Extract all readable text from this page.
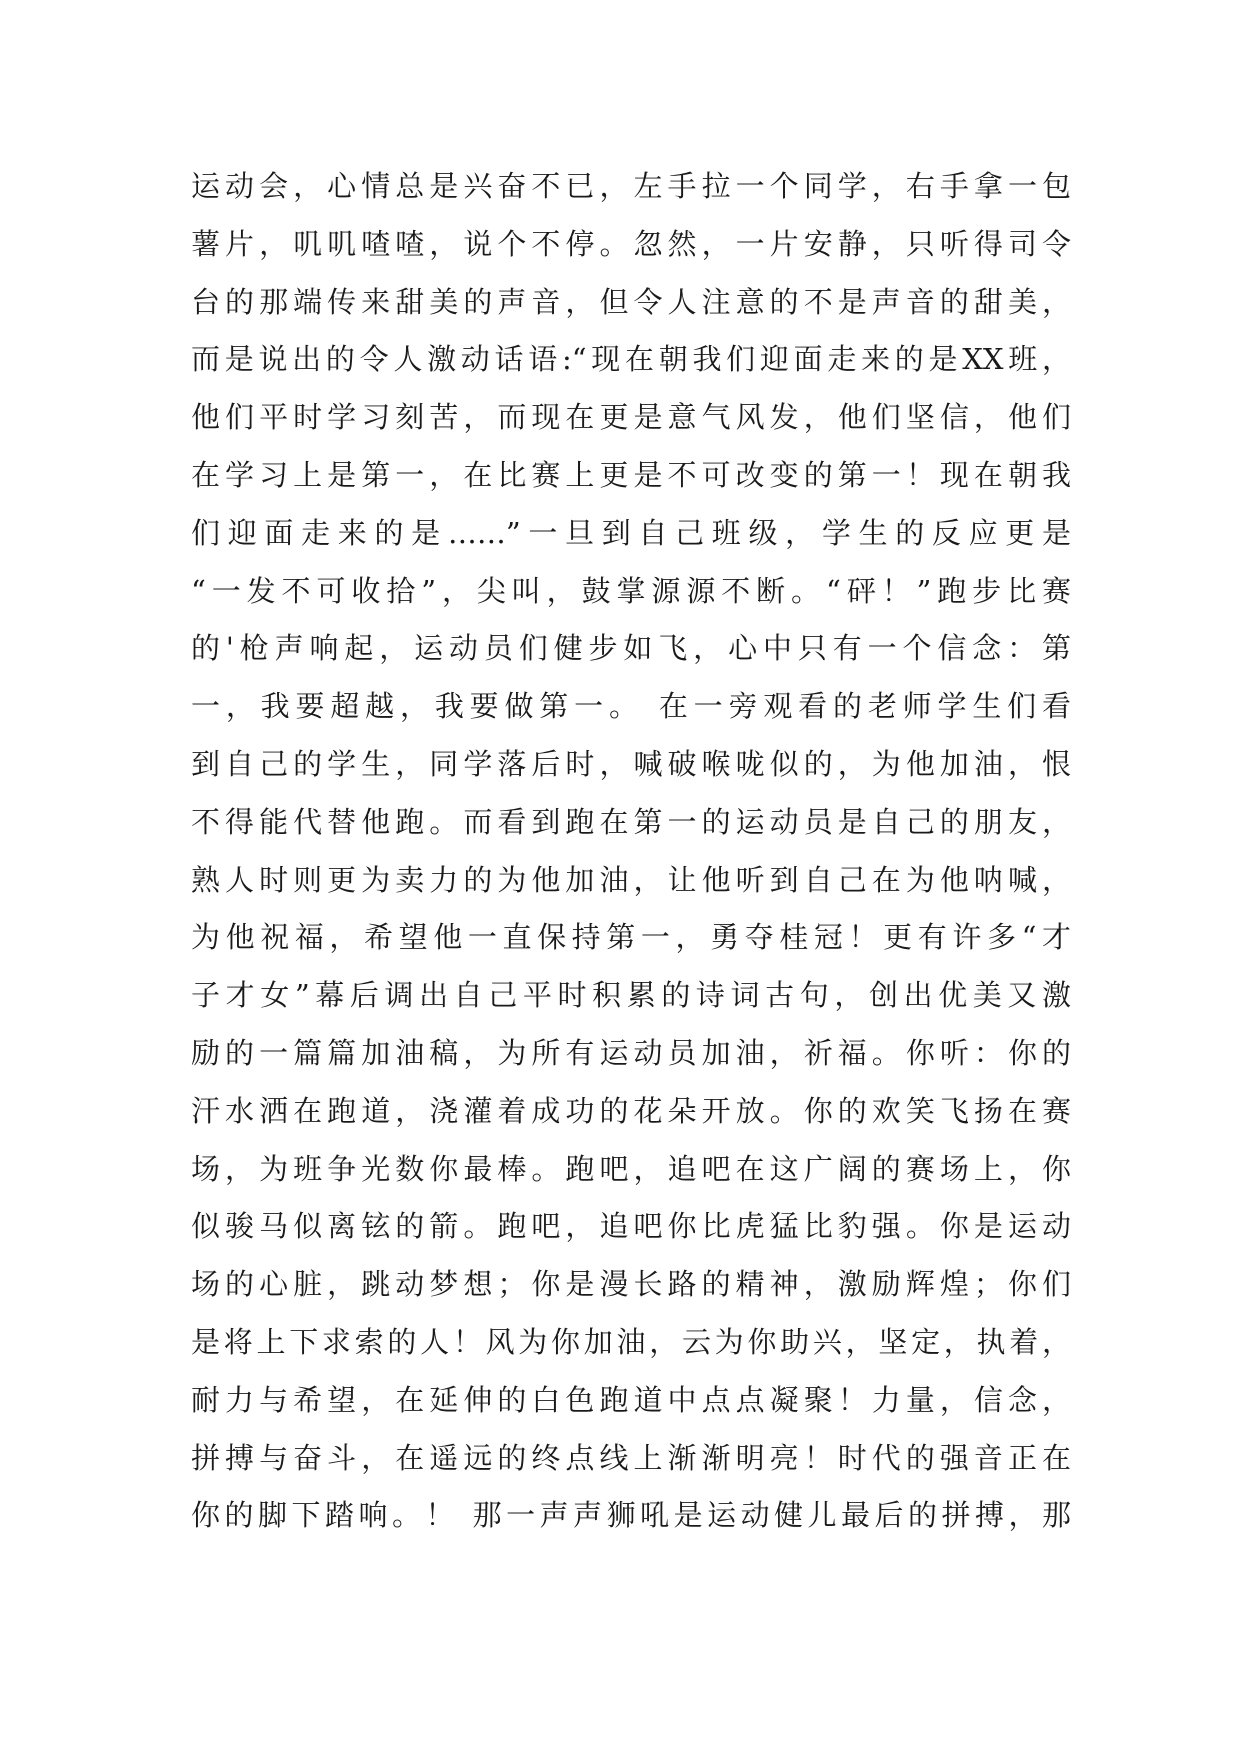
运动会，心情总是兴奋不已，左手拉一个同学，右手拿一包
薯片，叽叽喳喳，说个不停。忽然，一片安静，只听得司令
台的那端传来甜美的声音，但令人注意的不是声音的甜美，
而是说出的令人激动话语:“现在朝我们迎面走来的是XX班，
他们平时学习刻苦，而现在更是意气风发，他们坚信，他们
在学习上是第一，在比赛上更是不可改变的第一！现在朝我
们迎面走来的是……”一旦到自己班级，学生的反应更是
“一发不可收拾”，尖叫，鼓掌源源不断。“砰！”跑步比赛
的'枪声响起，运动员们健步如飞，心中只有一个信念：第
一，我要超越，我要做第一。 在一旁观看的老师学生们看
到自己的学生，同学落后时，喊破喉咙似的，为他加油，恨
不得能代替他跑。而看到跑在第一的运动员是自己的朋友，
熟人时则更为卖力的为他加油，让他听到自己在为他呐喊，
为他祝福，希望他一直保持第一，勇夺桂冠！更有许多“才
子才女”幕后调出自己平时积累的诗词古句，创出优美又激
励的一篇篇加油稿，为所有运动员加油，祈福。你听：你的
汗水洒在跑道，浇灌着成功的花朵开放。你的欢笑飞扬在赛
场，为班争光数你最棒。跑吧，追吧在这广阔的赛场上，你
似骏马似离铉的箭。跑吧，追吧你比虎猛比豹强。你是运动
场的心脏，跳动梦想；你是漫长路的精神，激励辉煌；你们
是将上下求索的人！风为你加油，云为你助兴，坚定，执着，
耐力与希望，在延伸的白色跑道中点点凝聚！力量，信念，
拼搏与奋斗，在遥远的终点线上渐渐明亮！时代的强音正在
你的脚下踏响。！ 那一声声狮吼是运动健儿最后的拼搏，那
